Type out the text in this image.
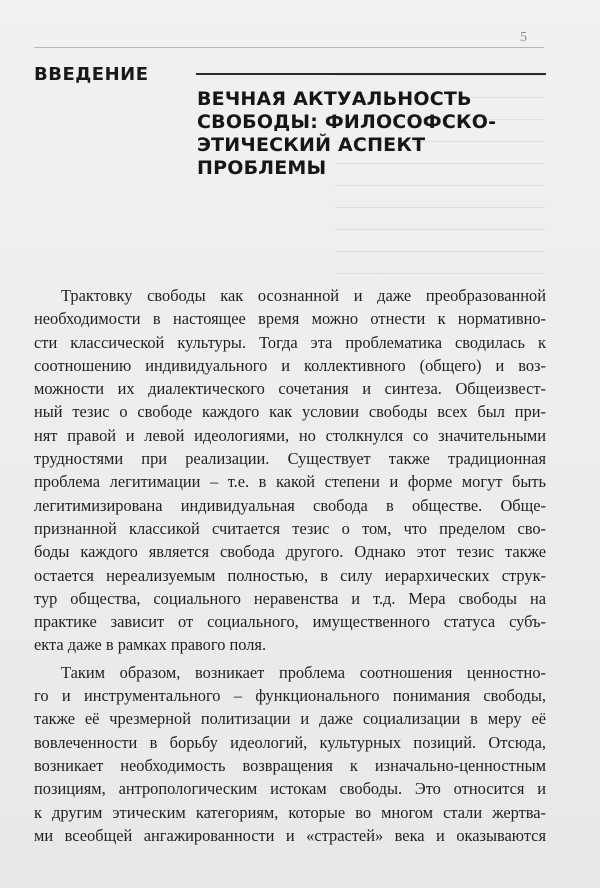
5
ВВЕДЕНИЕ
ВЕЧНАЯ АКТУАЛЬНОСТЬ
СВОБОДЫ: ФИЛОСОФСКО-
ЭТИЧЕСКИЙ АСПЕКТ
ПРОБЛЕМЫ
Трактовку свободы как осознанной и даже преобразованной
необходимости в настоящее время можно отнести к нормативно-
сти классической культуры. Тогда эта проблематика сводилась к
соотношению индивидуального и коллективного (общего) и воз-
можности их диалектического сочетания и синтеза. Общеизвест-
ный тезис о свободе каждого как условии свободы всех был при-
нят правой и левой идеологиями, но столкнулся со значительными
трудностями при реализации. Существует также традиционная
проблема легитимации – т.е. в какой степени и форме могут быть
легитимизирована индивидуальная свобода в обществе. Обще-
признанной классикой считается тезис о том, что пределом сво-
боды каждого является свобода другого. Однако этот тезис также
остается нереализуемым полностью, в силу иерархических струк-
тур общества, социального неравенства и т.д. Мера свободы на
практике зависит от социального, имущественного статуса субъ-
екта даже в рамках правого поля.
Таким образом, возникает проблема соотношения ценностно-
го и инструментального – функционального понимания свободы,
также её чрезмерной политизации и даже социализации в меру её
вовлеченности в борьбу идеологий, культурных позиций. Отсюда,
возникает необходимость возвращения к изначально-ценностным
позициям, антропологическим истокам свободы. Это относится и
к другим этическим категориям, которые во многом стали жертва-
ми всеобщей ангажированности и «страстей» века и оказываются
